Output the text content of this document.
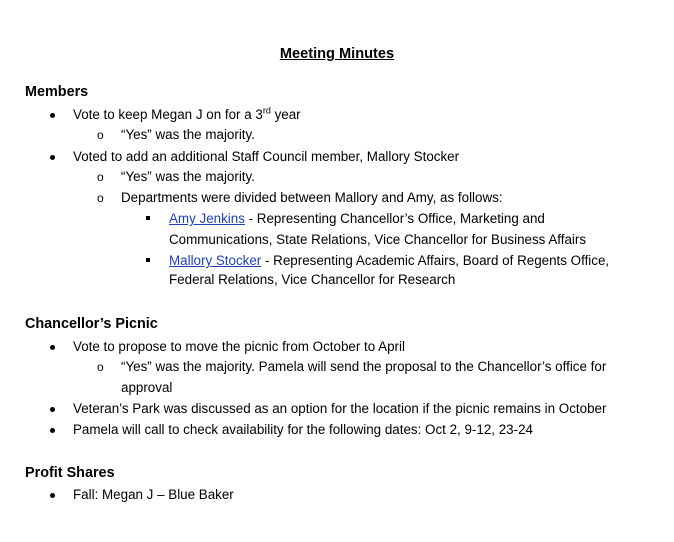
Meeting Minutes
Members
Vote to keep Megan J on for a 3rd year
o “Yes” was the majority.
Voted to add an additional Staff Council member, Mallory Stocker
o “Yes” was the majority.
o Departments were divided between Mallory and Amy, as follows:
Amy Jenkins - Representing Chancellor’s Office, Marketing and
Communications, State Relations, Vice Chancellor for Business Affairs
Mallory Stocker - Representing Academic Affairs, Board of Regents Office,
Federal Relations, Vice Chancellor for Research
Chancellor’s Picnic
Vote to propose to move the picnic from October to April
o “Yes” was the majority. Pamela will send the proposal to the Chancellor’s office for
approval
Veteran’s Park was discussed as an option for the location if the picnic remains in October
Pamela will call to check availability for the following dates: Oct 2, 9-12, 23-24
Profit Shares
Fall: Megan J – Blue Baker
